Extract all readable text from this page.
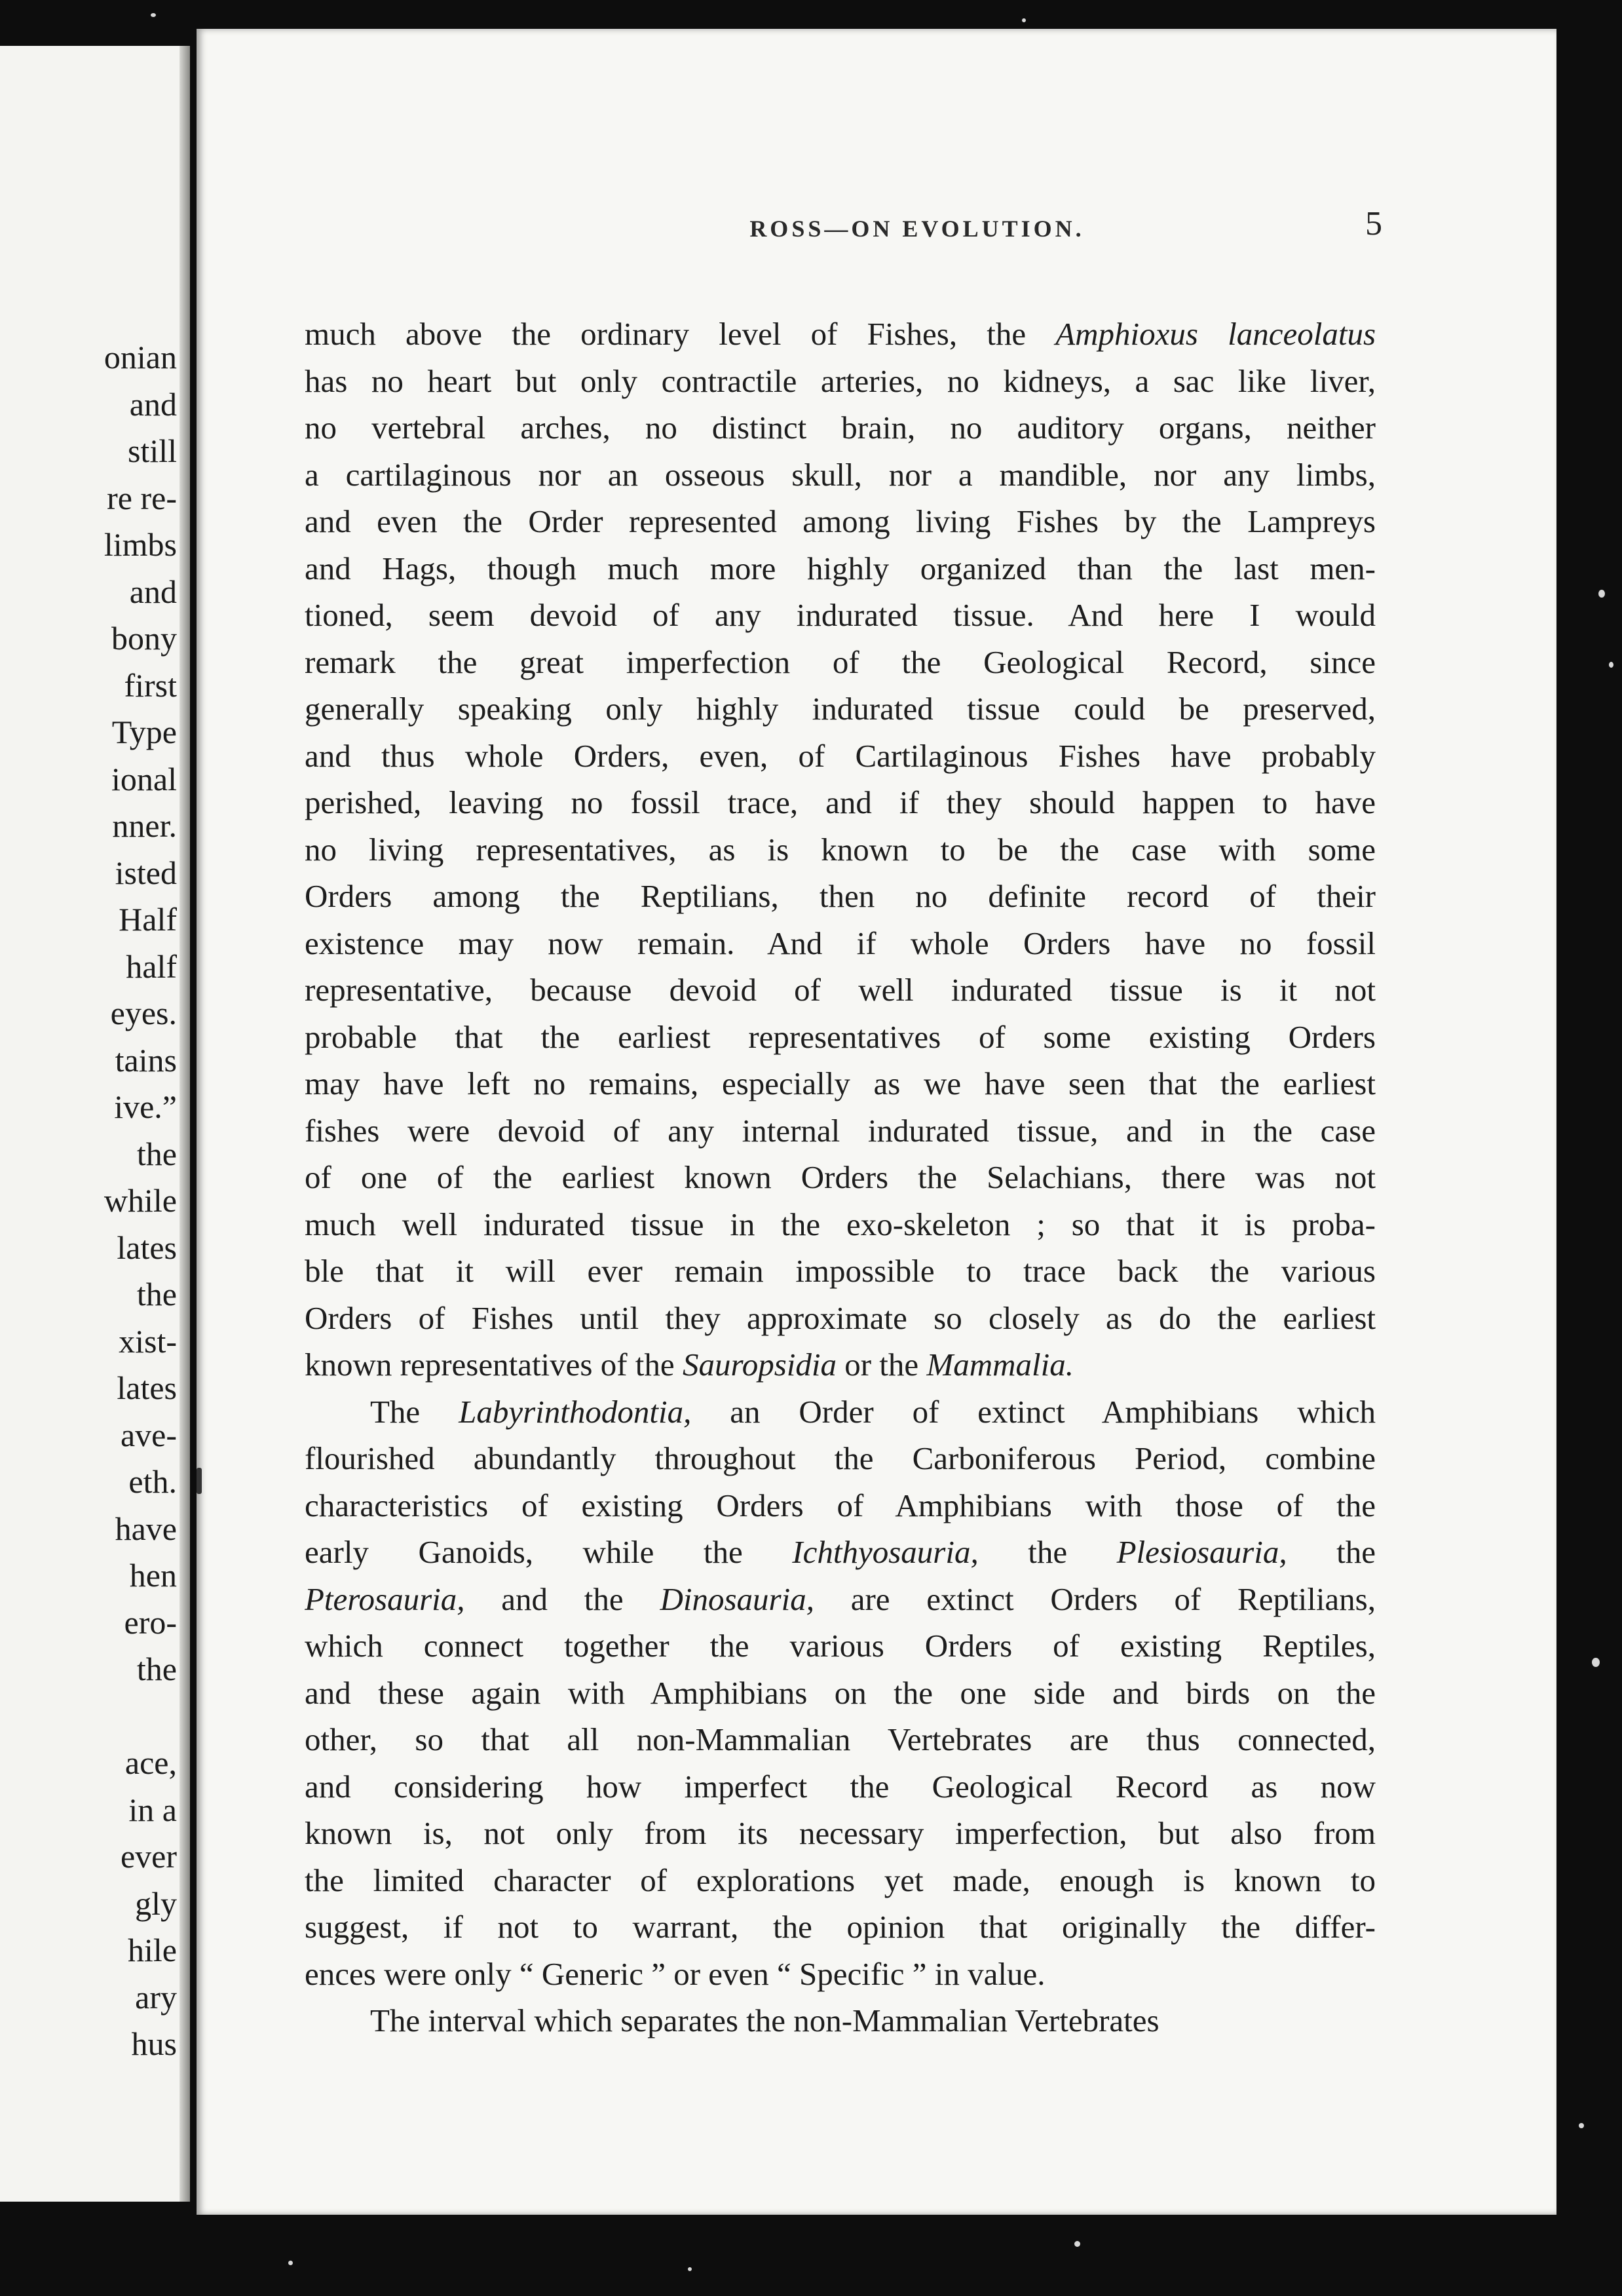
onian
and
still
re re-
limbs
and
bony
first
Type
ional
nner.
isted
Half
half
eyes.
tains
ive.”
the
while
lates
the
xist-
lates
ave-
eth.
have
hen
ero-
the
ace,
in a
ever
gly
hile
ary
hus
ROSS—ON EVOLUTION.	5
much above the ordinary level of Fishes, the Amphioxus lanceolatus
has no heart but only contractile arteries, no kidneys, a sac like liver,
no vertebral arches, no distinct brain, no auditory organs, neither
a cartilaginous nor an osseous skull, nor a mandible, nor any limbs,
and even the Order represented among living Fishes by the Lampreys
and Hags, though much more highly organized than the last men-
tioned, seem devoid of any indurated tissue. And here I would
remark the great imperfection of the Geological Record, since
generally speaking only highly indurated tissue could be preserved,
and thus whole Orders, even, of Cartilaginous Fishes have probably
perished, leaving no fossil trace, and if they should happen to have
no living representatives, as is known to be the case with some
Orders among the Reptilians, then no definite record of their
existence may now remain. And if whole Orders have no fossil
representative, because devoid of well indurated tissue is it not
probable that the earliest representatives of some existing Orders
may have left no remains, especially as we have seen that the earliest
fishes were devoid of any internal indurated tissue, and in the case
of one of the earliest known Orders the Selachians, there was not
much well indurated tissue in the exo-skeleton ; so that it is proba-
ble that it will ever remain impossible to trace back the various
Orders of Fishes until they approximate so closely as do the earliest
known representatives of the Sauropsidia or the Mammalia.
The Labyrinthodontia, an Order of extinct Amphibians which
flourished abundantly throughout the Carboniferous Period, combine
characteristics of existing Orders of Amphibians with those of the
early Ganoids, while the Ichthyosauria, the Plesiosauria, the
Pterosauria, and the Dinosauria, are extinct Orders of Reptilians,
which connect together the various Orders of existing Reptiles,
and these again with Amphibians on the one side and birds on the
other, so that all non-Mammalian Vertebrates are thus connected,
and considering how imperfect the Geological Record as now
known is, not only from its necessary imperfection, but also from
the limited character of explorations yet made, enough is known to
suggest, if not to warrant, the opinion that originally the differ-
ences were only “ Generic ” or even “ Specific ” in value.
The interval which separates the non-Mammalian Vertebrates
